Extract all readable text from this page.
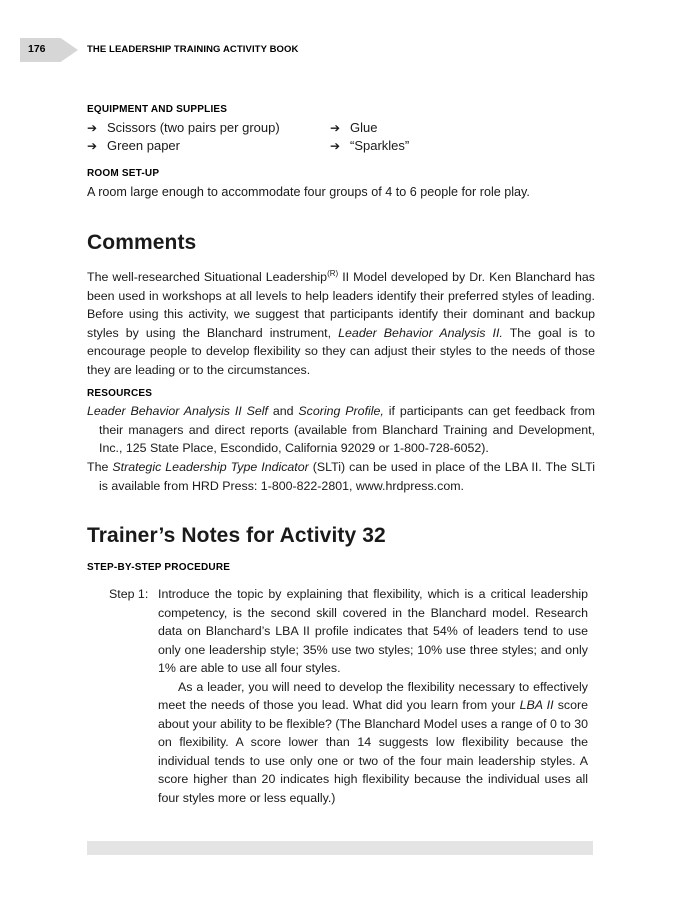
176	THE LEADERSHIP TRAINING ACTIVITY BOOK
EQUIPMENT AND SUPPLIES
➔ Scissors (two pairs per group)	➔ Glue
➔ Green paper	➔ “Sparkles”
ROOM SET-UP
A room large enough to accommodate four groups of 4 to 6 people for role play.
Comments
The well-researched Situational Leadership$^{(R)}$ II Model developed by Dr. Ken Blanchard has been used in workshops at all levels to help leaders identify their preferred styles of leading. Before using this activity, we suggest that participants identify their dominant and backup styles by using the Blanchard instrument, Leader Behavior Analysis II. The goal is to encourage people to develop flexibility so they can adjust their styles to the needs of those they are leading or to the circumstances.
RESOURCES
Leader Behavior Analysis II Self and Scoring Profile, if participants can get feedback from their managers and direct reports (available from Blanchard Training and Development, Inc., 125 State Place, Escondido, California 92029 or 1-800-728-6052).
The Strategic Leadership Type Indicator (SLTi) can be used in place of the LBA II. The SLTi is available from HRD Press: 1-800-822-2801, www.hrdpress.com.
Trainer’s Notes for Activity 32
STEP-BY-STEP PROCEDURE
Step 1: Introduce the topic by explaining that flexibility, which is a critical leadership competency, is the second skill covered in the Blanchard model. Research data on Blanchard’s LBA II profile indicates that 54% of leaders tend to use only one leadership style; 35% use two styles; 10% use three styles; and only 1% are able to use all four styles.

As a leader, you will need to develop the flexibility necessary to effectively meet the needs of those you lead. What did you learn from your LBA II score about your ability to be flexible? (The Blanchard Model uses a range of 0 to 30 on flexibility. A score lower than 14 suggests low flexibility because the individual tends to use only one or two of the four main leadership styles. A score higher than 20 indicates high flexibility because the individual uses all four styles more or less equally.)
